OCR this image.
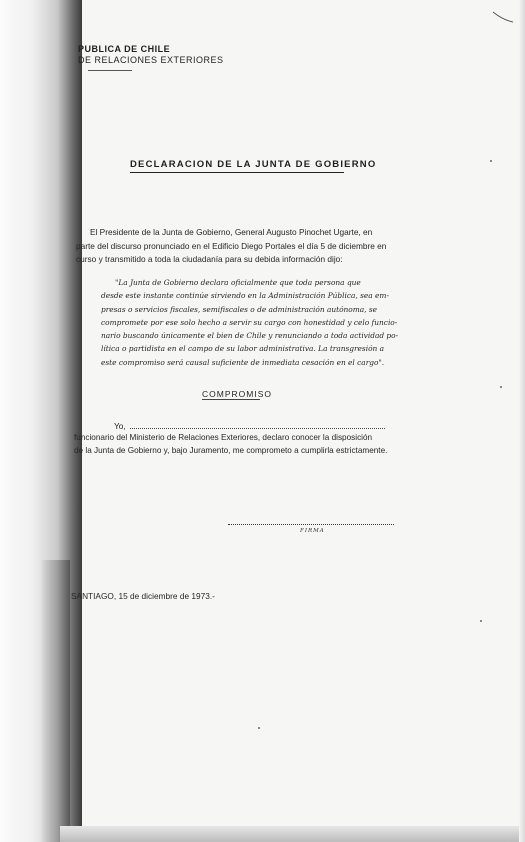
PUBLICA DE CHILE
DE RELACIONES EXTERIORES
DECLARACION DE LA JUNTA DE GOBIERNO
El Presidente de la Junta de Gobierno, General Augusto Pinochet Ugarte, en
parte del discurso pronunciado en el Edificio Diego Portales el día 5 de diciembre en
curso y transmitido a toda la ciudadanía para su debida información dijo:
"La Junta de Gobierno declara oficialmente que toda persona que
desde este instante continúe sirviendo en la Administración Pública, sea em-
presas o servicios fiscales, semifiscales o de administración autónoma, se
compromete por ese solo hecho a servir su cargo con honestidad y celo funcio-
nario buscando únicamente el bien de Chile y renunciando a toda actividad po-
lítica o partidista en el campo de su labor administrativa. La transgresión a
este compromiso será causal suficiente de inmediata cesación en el cargo".
COMPROMISO
Yo,
funcionario del Ministerio de Relaciones Exteriores, declaro conocer la disposición
de la Junta de Gobierno y, bajo Juramento, me comprometo a cumplirla estrictamente.
FIRMA
SANTIAGO, 15 de diciembre de 1973.-
